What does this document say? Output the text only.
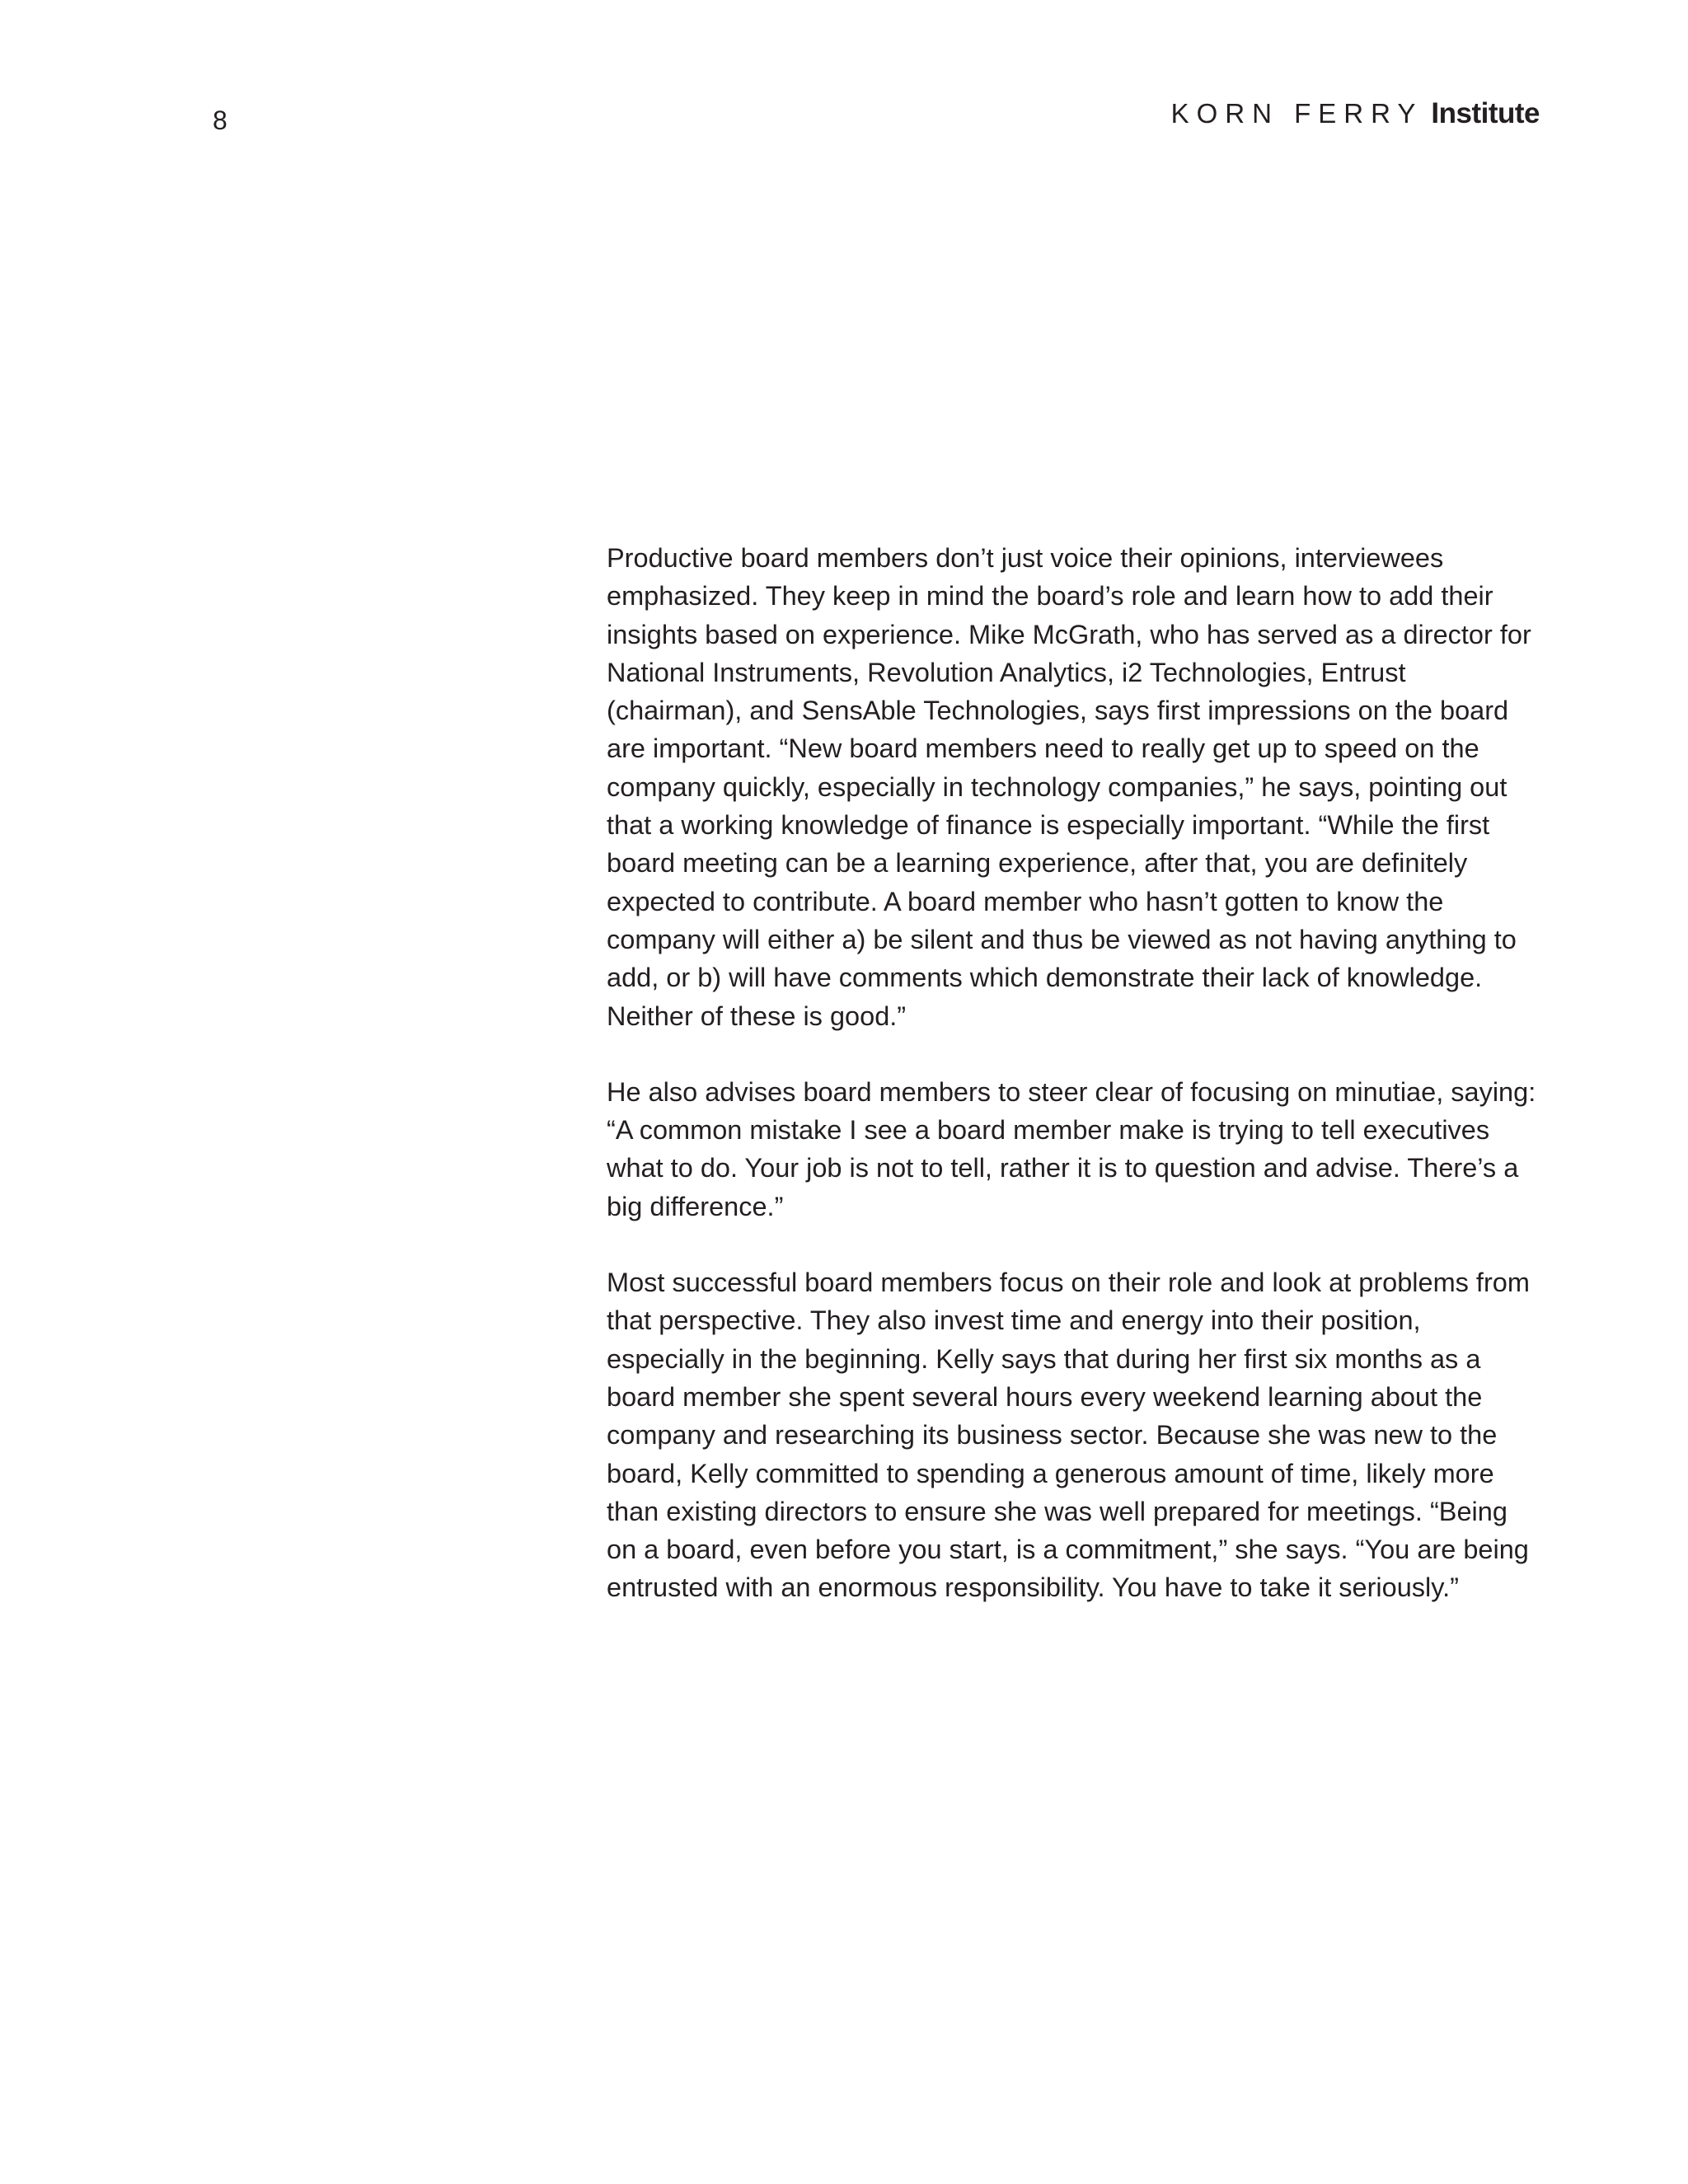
8	KORN FERRY Institute

Productive board members don’t just voice their opinions, interviewees emphasized. They keep in mind the board’s role and learn how to add their insights based on experience. Mike McGrath, who has served as a director for National Instruments, Revolution Analytics, i2 Technologies, Entrust (chairman), and SensAble Technologies, says first impressions on the board are important. “New board members need to really get up to speed on the company quickly, especially in technology companies,” he says, pointing out that a working knowledge of finance is especially important. “While the first board meeting can be a learning experience, after that, you are definitely expected to contribute. A board member who hasn’t gotten to know the company will either a) be silent and thus be viewed as not having anything to add, or b) will have comments which demonstrate their lack of knowledge. Neither of these is good.”

He also advises board members to steer clear of focusing on minutiae, saying: “A common mistake I see a board member make is trying to tell executives what to do. Your job is not to tell, rather it is to question and advise. There’s a big difference.”

Most successful board members focus on their role and look at problems from that perspective. They also invest time and energy into their position, especially in the beginning. Kelly says that during her first six months as a board member she spent several hours every weekend learning about the company and researching its business sector. Because she was new to the board, Kelly committed to spending a generous amount of time, likely more than existing directors to ensure she was well prepared for meetings. “Being on a board, even before you start, is a commitment,” she says. “You are being entrusted with an enormous responsibility. You have to take it seriously.”
